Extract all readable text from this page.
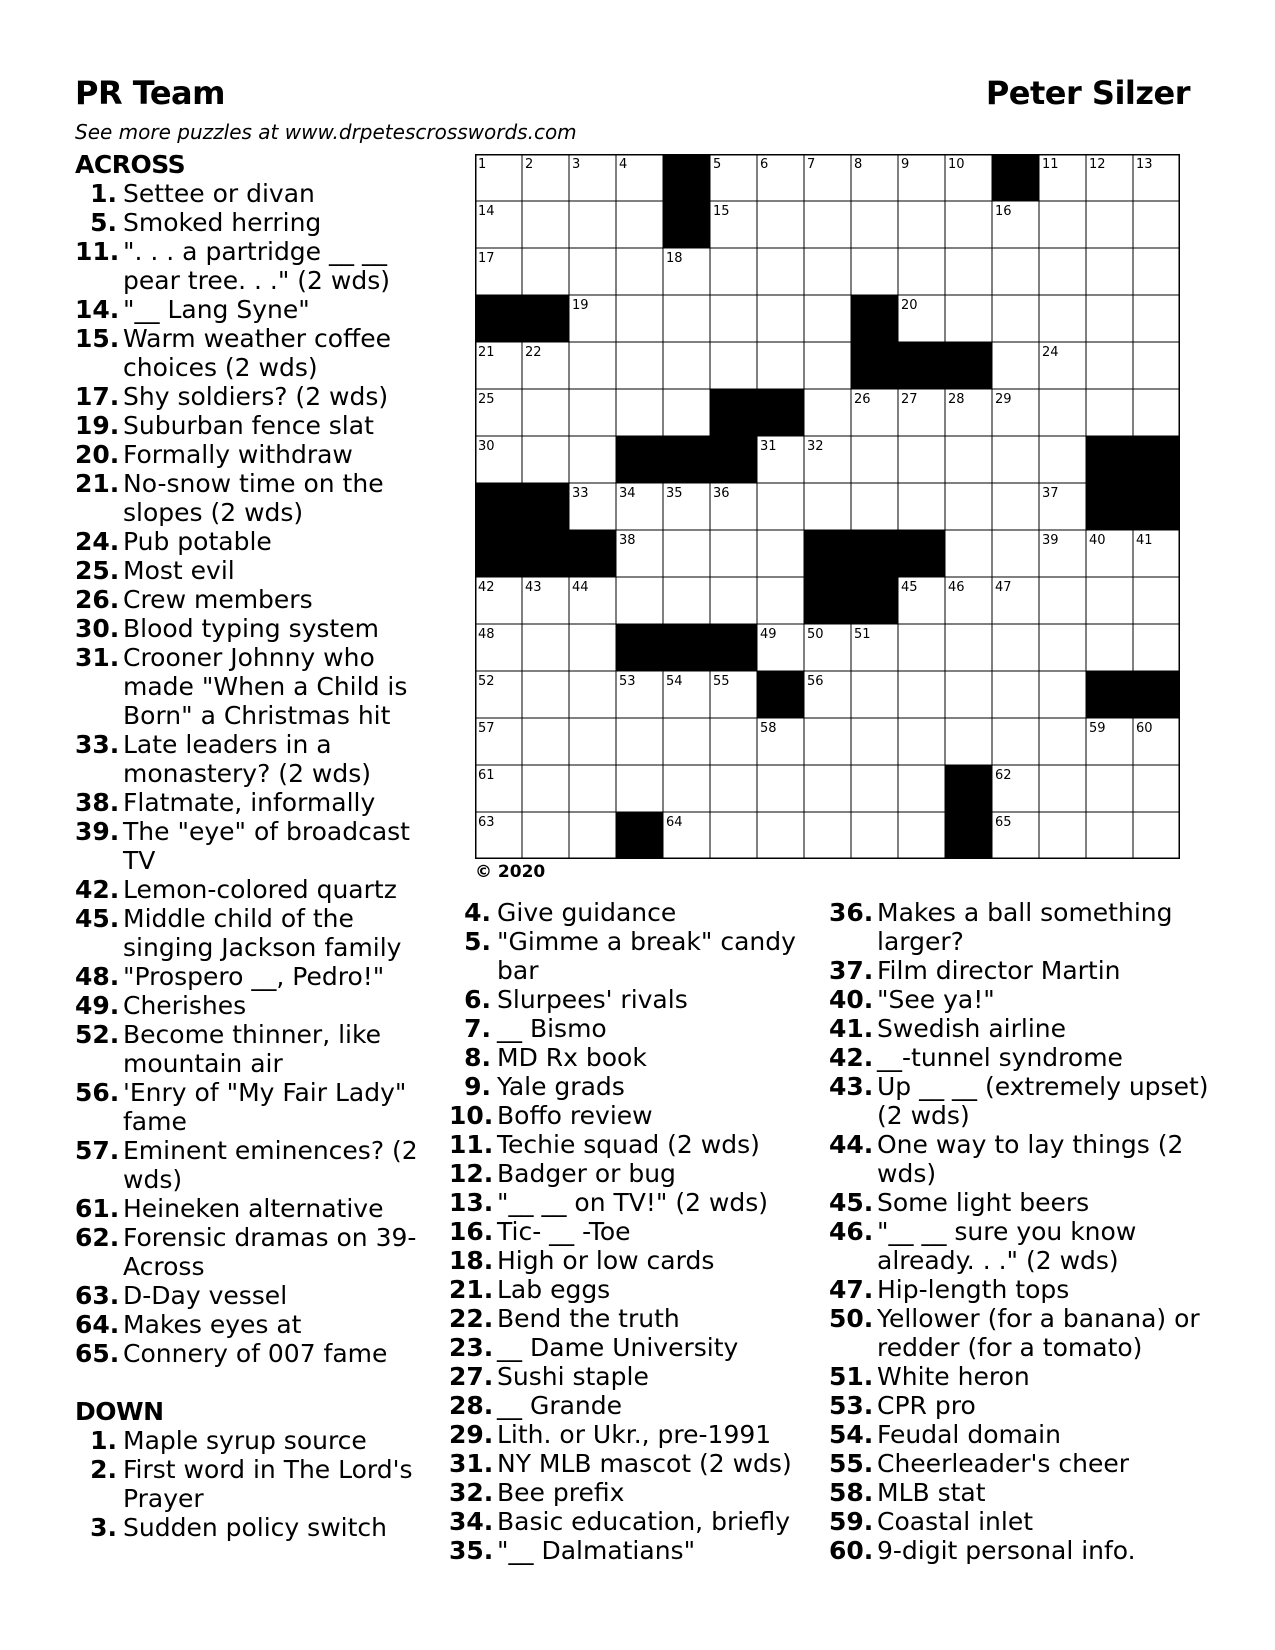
PR Team	Peter Silzer
See more puzzles at www.drpetescrosswords.com
1	2	3	4	5	6	7	8	9	10	11 12 13
14	15	16
17	18
19	20
21 22	23	24
25	26 27 28 29
30	31 32
33 34 35 36	37
38	39 40 41
42 43 44	45 46 47
48	49 50 51
52	53 54 55	56
57	58	59 60
61	62
63	64	65
© 2020
ACROSS
1. Settee or divan
5. Smoked herring
11. ". . . a partridge __ __ pear tree. . ." (2 wds)
14. "__ Lang Syne"
15. Warm weather coffee choices (2 wds)
17. Shy soldiers? (2 wds)
19. Suburban fence slat
20. Formally withdraw
21. No-snow time on the slopes (2 wds)
24. Pub potable
25. Most evil
26. Crew members
30. Blood typing system
31. Crooner Johnny who made "When a Child is Born" a Christmas hit
33. Late leaders in a monastery? (2 wds)
38. Flatmate, informally
39. The "eye" of broadcast TV
42. Lemon-colored quartz
45. Middle child of the singing Jackson family
48. "Prospero __, Pedro!"
49. Cherishes
52. Become thinner, like mountain air
56. 'Enry of "My Fair Lady" fame
57. Eminent eminences? (2 wds)
61. Heineken alternative
62. Forensic dramas on 39-Across
63. D-Day vessel
64. Makes eyes at
65. Connery of 007 fame
DOWN
1. Maple syrup source
2. First word in The Lord's Prayer
3. Sudden policy switch
4. Give guidance
5. "Gimme a break" candy bar
6. Slurpees' rivals
7. __ Bismo
8. MD Rx book
9. Yale grads
10. Boffo review
11. Techie squad (2 wds)
12. Badger or bug
13. "__ __ on TV!" (2 wds)
16. Tic- __ -Toe
18. High or low cards
21. Lab eggs
22. Bend the truth
23. __ Dame University
27. Sushi staple
28. __ Grande
29. Lith. or Ukr., pre-1991
31. NY MLB mascot (2 wds)
32. Bee prefix
34. Basic education, briefly
35. "__ Dalmatians"
36. Makes a ball something larger?
37. Film director Martin
40. "See ya!"
41. Swedish airline
42. __-tunnel syndrome
43. Up __ __ (extremely upset) (2 wds)
44. One way to lay things (2 wds)
45. Some light beers
46. "__ __ sure you know already. . ." (2 wds)
47. Hip-length tops
50. Yellower (for a banana) or redder (for a tomato)
51. White heron
53. CPR pro
54. Feudal domain
55. Cheerleader's cheer
58. MLB stat
59. Coastal inlet
60. 9-digit personal info.
